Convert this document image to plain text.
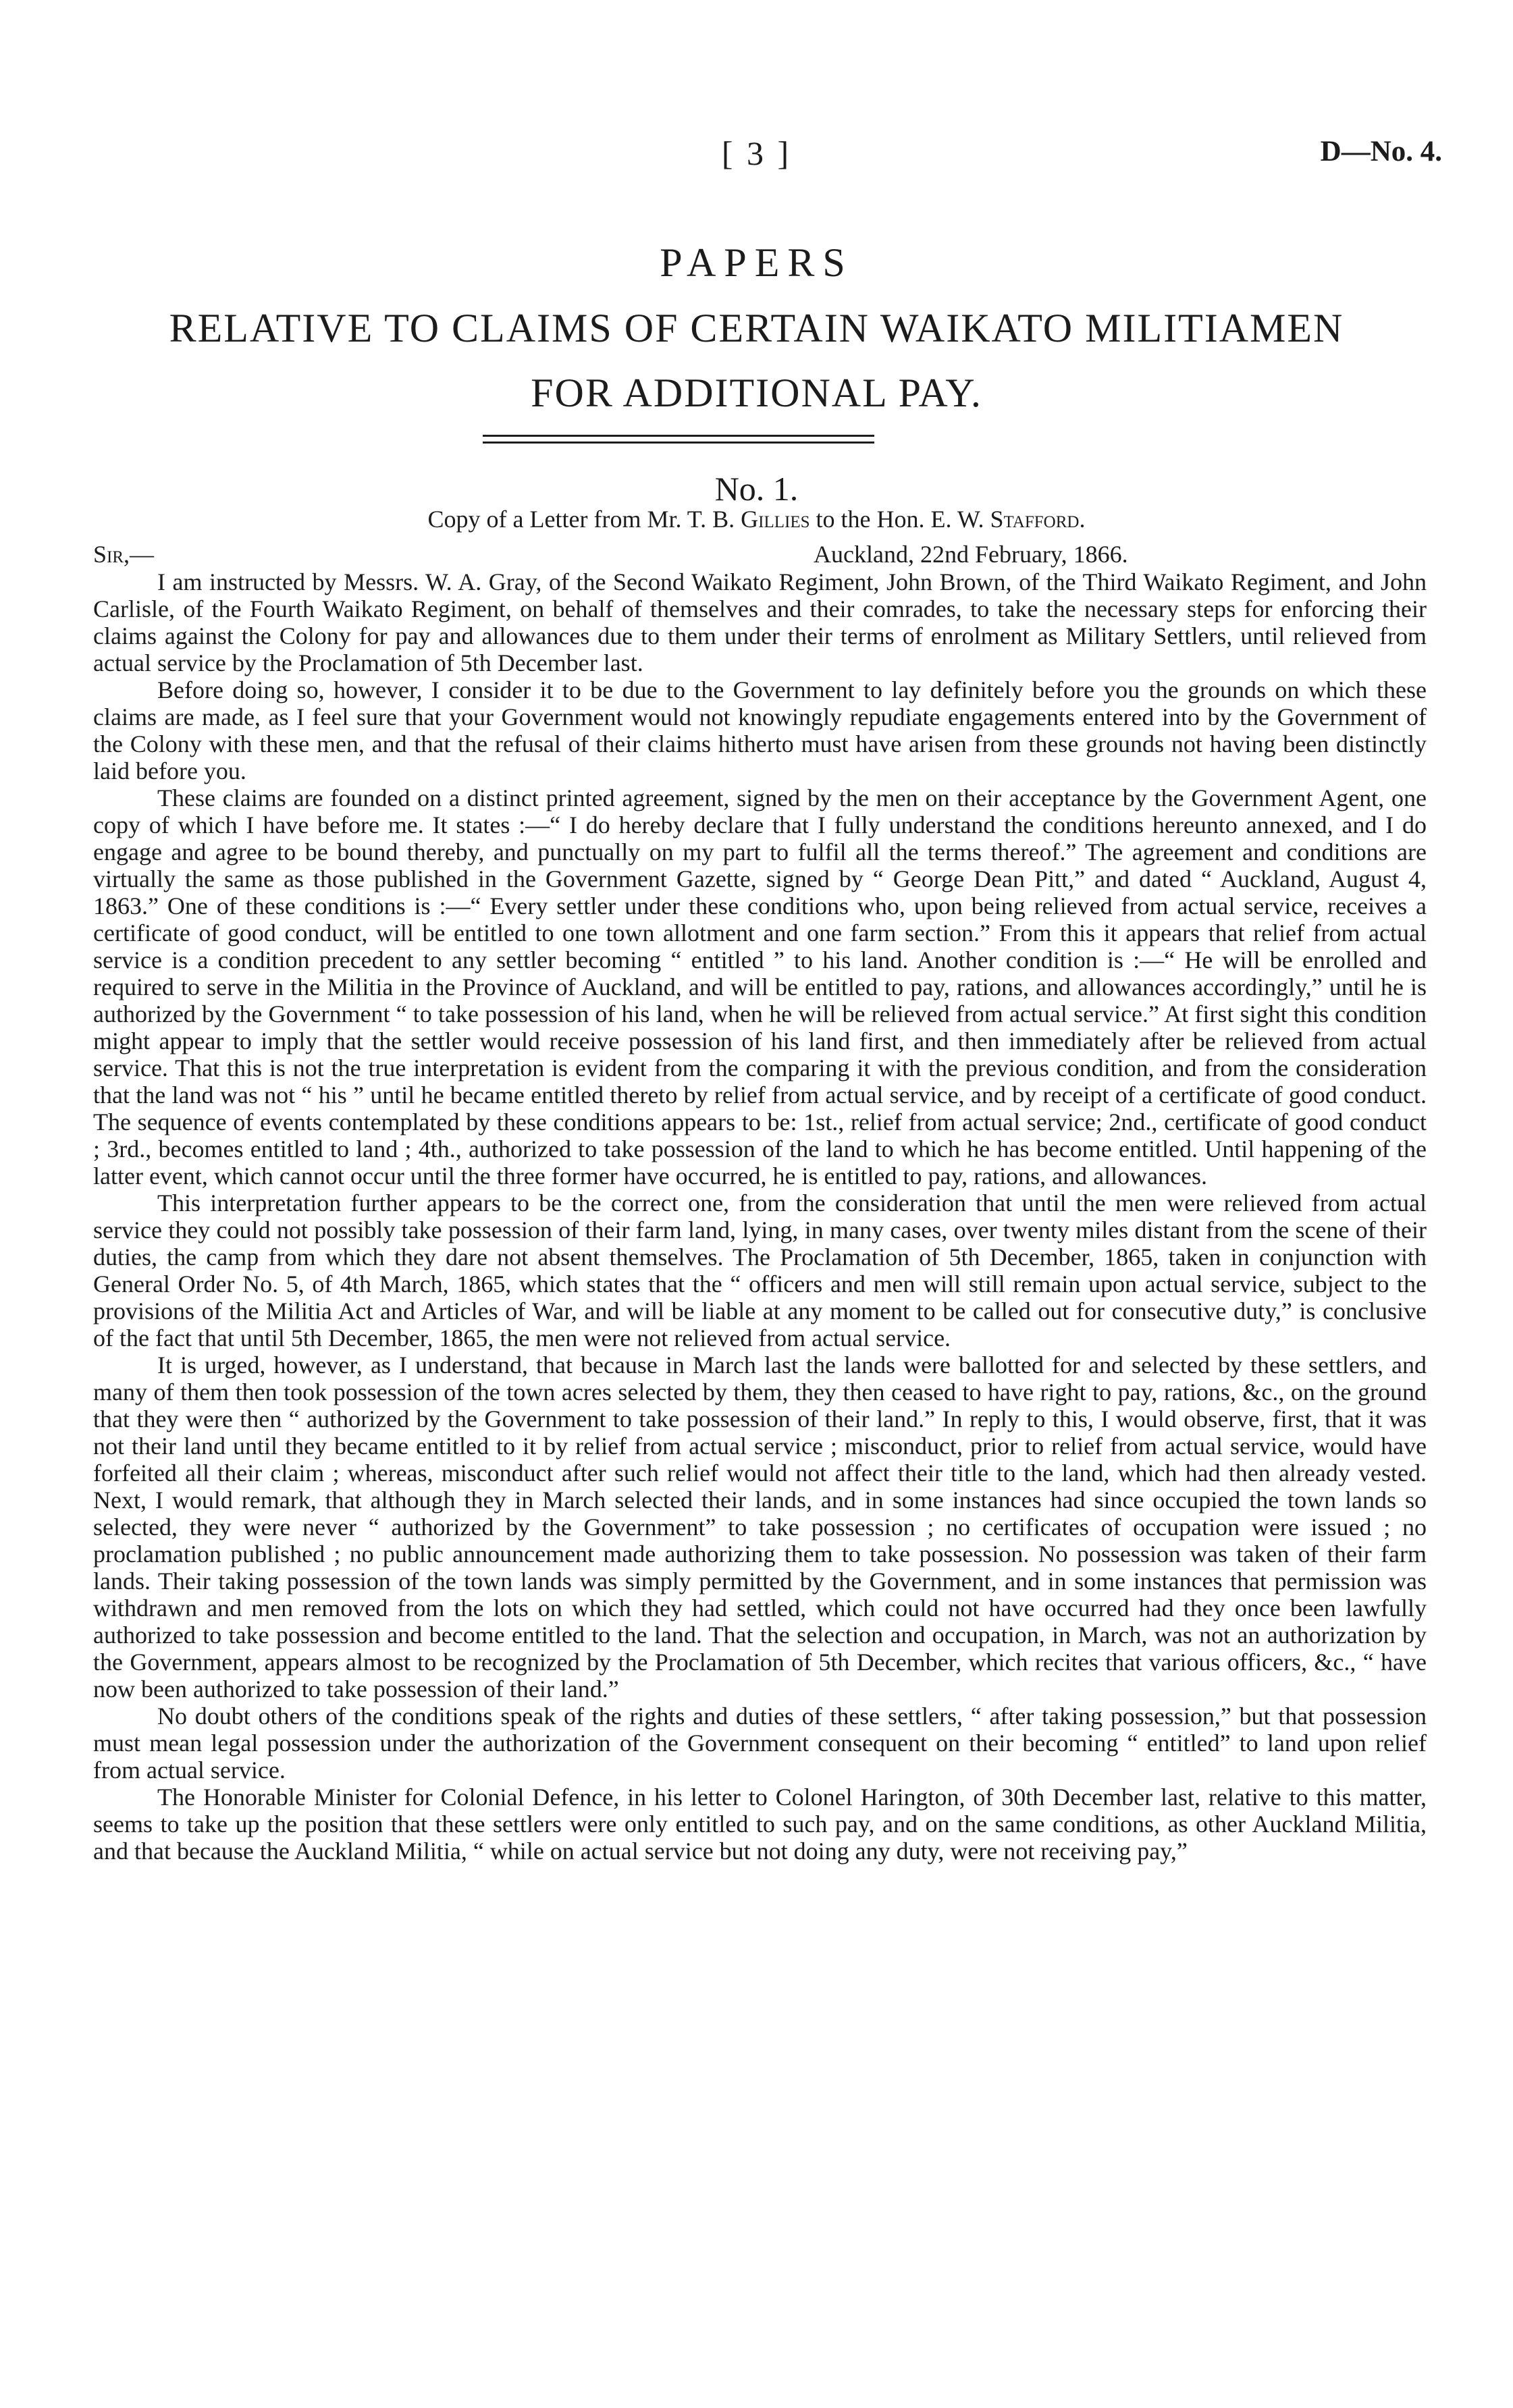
[ 3 ]	D—No. 4.
PAPERS
RELATIVE TO CLAIMS OF CERTAIN WAIKATO MILITIAMEN
FOR ADDITIONAL PAY.
No. 1.
Copy of a Letter from Mr. T. B. Gillies to the Hon. E. W. Stafford.
Sir,—	Auckland, 22nd February, 1866.

I am instructed by Messrs. W. A. Gray, of the Second Waikato Regiment, John Brown, of the Third Waikato Regiment, and John Carlisle, of the Fourth Waikato Regiment, on behalf of themselves and their comrades, to take the necessary steps for enforcing their claims against the Colony for pay and allowances due to them under their terms of enrolment as Military Settlers, until relieved from actual service by the Proclamation of 5th December last.

Before doing so, however, I consider it to be due to the Government to lay definitely before you the grounds on which these claims are made, as I feel sure that your Government would not knowingly repudiate engagements entered into by the Government of the Colony with these men, and that the refusal of their claims hitherto must have arisen from these grounds not having been distinctly laid before you.

These claims are founded on a distinct printed agreement, signed by the men on their acceptance by the Government Agent, one copy of which I have before me. It states :—“ I do hereby declare that I fully understand the conditions hereunto annexed, and I do engage and agree to be bound thereby, and punctually on my part to fulfil all the terms thereof.” The agreement and conditions are virtually the same as those published in the Government Gazette, signed by “ George Dean Pitt,” and dated “ Auckland, August 4, 1863.” One of these conditions is :—“ Every settler under these conditions who, upon being relieved from actual service, receives a certificate of good conduct, will be entitled to one town allotment and one farm section.” From this it appears that relief from actual service is a condition precedent to any settler becoming “ entitled ” to his land. Another condition is :—“ He will be enrolled and required to serve in the Militia in the Province of Auckland, and will be entitled to pay, rations, and allowances accordingly,” until he is authorized by the Government “ to take possession of his land, when he will be relieved from actual service.” At first sight this condition might appear to imply that the settler would receive possession of his land first, and then immediately after be relieved from actual service. That this is not the true interpretation is evident from the comparing it with the previous condition, and from the consideration that the land was not “ his ” until he became entitled thereto by relief from actual service, and by receipt of a certificate of good conduct. The sequence of events contemplated by these conditions appears to be: 1st., relief from actual service; 2nd., certificate of good conduct ; 3rd., becomes entitled to land ; 4th., authorized to take possession of the land to which he has become entitled. Until happening of the latter event, which cannot occur until the three former have occurred, he is entitled to pay, rations, and allowances.

This interpretation further appears to be the correct one, from the consideration that until the men were relieved from actual service they could not possibly take possession of their farm land, lying, in many cases, over twenty miles distant from the scene of their duties, the camp from which they dare not absent themselves. The Proclamation of 5th December, 1865, taken in conjunction with General Order No. 5, of 4th March, 1865, which states that the “ officers and men will still remain upon actual service, subject to the provisions of the Militia Act and Articles of War, and will be liable at any moment to be called out for consecutive duty,” is conclusive of the fact that until 5th December, 1865, the men were not relieved from actual service.

It is urged, however, as I understand, that because in March last the lands were ballotted for and selected by these settlers, and many of them then took possession of the town acres selected by them, they then ceased to have right to pay, rations, &c., on the ground that they were then “ authorized by the Government to take possession of their land.” In reply to this, I would observe, first, that it was not their land until they became entitled to it by relief from actual service ; misconduct, prior to relief from actual service, would have forfeited all their claim ; whereas, misconduct after such relief would not affect their title to the land, which had then already vested. Next, I would remark, that although they in March selected their lands, and in some instances had since occupied the town lands so selected, they were never “ authorized by the Government” to take possession ; no certificates of occupation were issued ; no proclamation published ; no public announcement made authorizing them to take possession. No possession was taken of their farm lands. Their taking possession of the town lands was simply permitted by the Government, and in some instances that permission was withdrawn and men removed from the lots on which they had settled, which could not have occurred had they once been lawfully authorized to take possession and become entitled to the land. That the selection and occupation, in March, was not an authorization by the Government, appears almost to be recognized by the Proclamation of 5th December, which recites that various officers, &c., “ have now been authorized to take possession of their land.”

No doubt others of the conditions speak of the rights and duties of these settlers, “ after taking possession,” but that possession must mean legal possession under the authorization of the Government consequent on their becoming “ entitled” to land upon relief from actual service.

The Honorable Minister for Colonial Defence, in his letter to Colonel Harington, of 30th December last, relative to this matter, seems to take up the position that these settlers were only entitled to such pay, and on the same conditions, as other Auckland Militia, and that because the Auckland Militia, “ while on actual service but not doing any duty, were not receiving pay,”
